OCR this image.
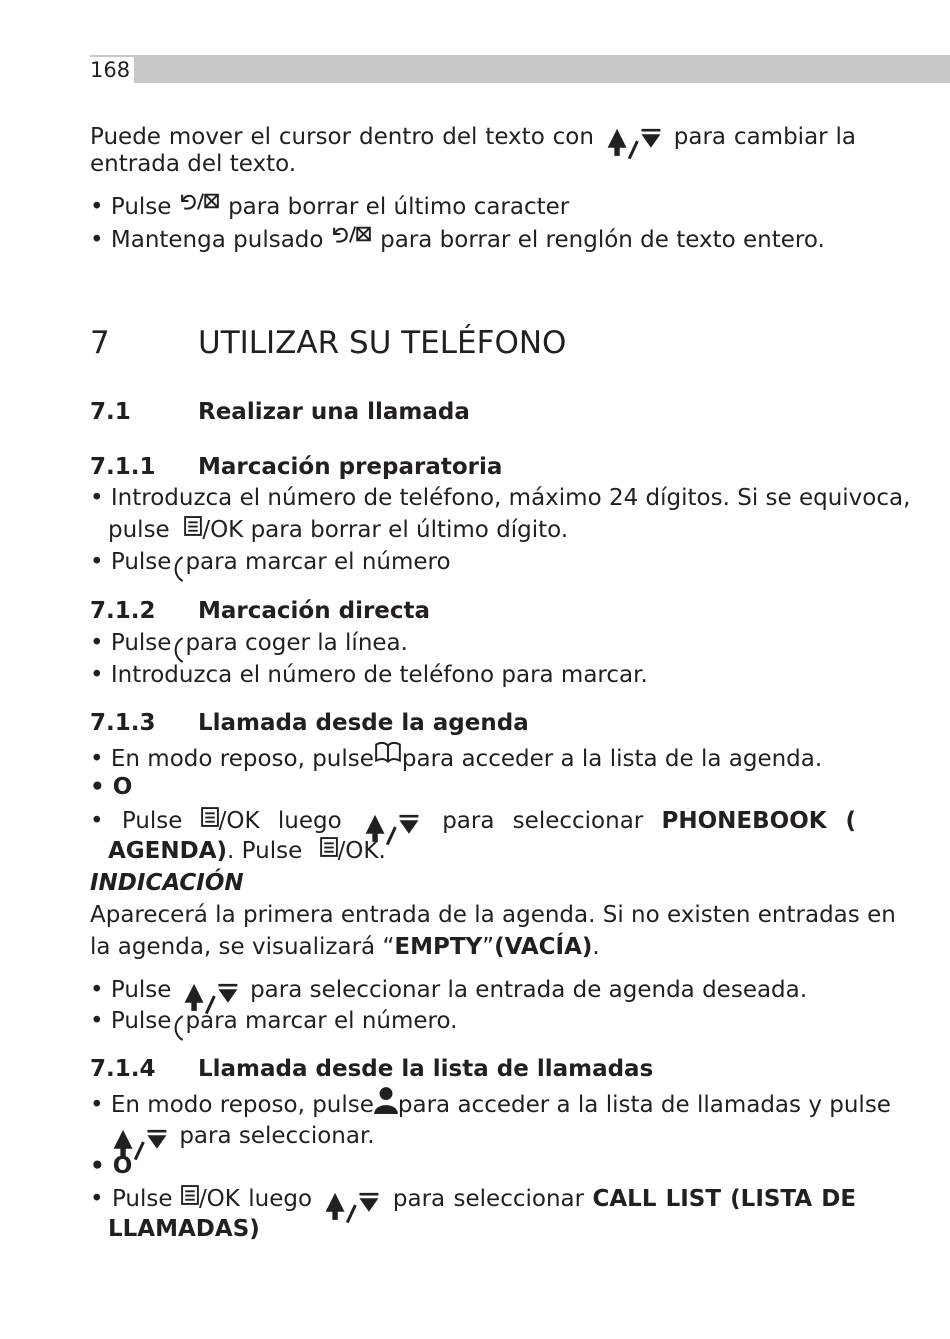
168
Puede mover el cursor dentro del texto con	para cambiar la
entrada del texto.
• Pulse para borrar el último caracter
• Mantenga pulsado para borrar el renglón de texto entero.
7	UTILIZAR SU TELÉFONO
7.1	Realizar una llamada
7.1.1 Marcación preparatoria
• Introduzca el número de teléfono, máximo 24 dígitos. Si se equivoca,
pulse /OK para borrar el último dígito.
• Pulse para marcar el número
7.1.2 Marcación directa
• Pulse para coger la línea.
• Introduzca el número de teléfono para marcar.
7.1.3 Llamada desde la agenda
• En modo reposo, pulse para acceder a la lista de la agenda.
• O
• Pulse /OK luego	para seleccionar PHONEBOOK (
AGENDA). Pulse /OK.
INDICACIÓN
Aparecerá la primera entrada de la agenda. Si no existen entradas en
la agenda, se visualizará “EMPTY”(VACÍA).
• Pulse	para seleccionar la entrada de agenda deseada.
• Pulse para marcar el número.
7.1.4 Llamada desde la lista de llamadas
• En modo reposo, pulse para acceder a la lista de llamadas y pulse
para seleccionar.
• O
• Pulse /OK luego	para seleccionar CALL LIST (LISTA DE
LLAMADAS)
